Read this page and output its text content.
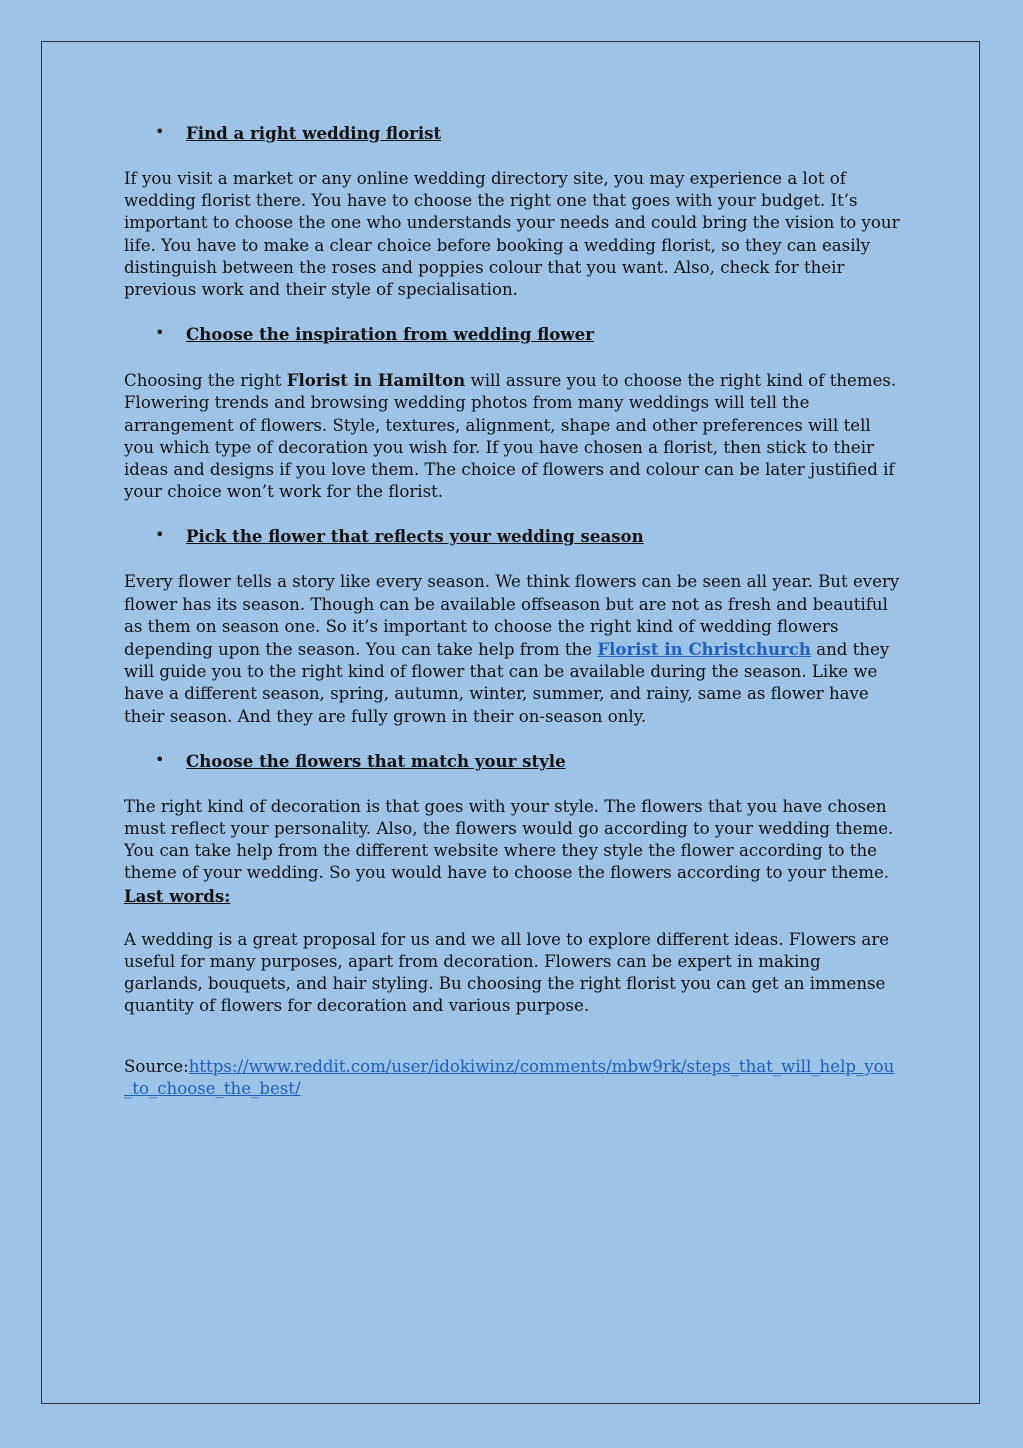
• Find a right wedding florist

If you visit a market or any online wedding directory site, you may experience a lot of wedding florist there. You have to choose the right one that goes with your budget. It’s important to choose the one who understands your needs and could bring the vision to your life. You have to make a clear choice before booking a wedding florist, so they can easily distinguish between the roses and poppies colour that you want. Also, check for their previous work and their style of specialisation.

• Choose the inspiration from wedding flower

Choosing the right Florist in Hamilton will assure you to choose the right kind of themes. Flowering trends and browsing wedding photos from many weddings will tell the arrangement of flowers. Style, textures, alignment, shape and other preferences will tell you which type of decoration you wish for. If you have chosen a florist, then stick to their ideas and designs if you love them. The choice of flowers and colour can be later justified if your choice won’t work for the florist.

• Pick the flower that reflects your wedding season

Every flower tells a story like every season. We think flowers can be seen all year. But every flower has its season. Though can be available offseason but are not as fresh and beautiful as them on season one. So it’s important to choose the right kind of wedding flowers depending upon the season. You can take help from the Florist in Christchurch and they will guide you to the right kind of flower that can be available during the season. Like we have a different season, spring, autumn, winter, summer, and rainy, same as flower have their season. And they are fully grown in their on-season only.

• Choose the flowers that match your style

The right kind of decoration is that goes with your style. The flowers that you have chosen must reflect your personality. Also, the flowers would go according to your wedding theme. You can take help from the different website where they style the flower according to the theme of your wedding. So you would have to choose the flowers according to your theme.

Last words:

A wedding is a great proposal for us and we all love to explore different ideas. Flowers are useful for many purposes, apart from decoration. Flowers can be expert in making garlands, bouquets, and hair styling. Bu choosing the right florist you can get an immense quantity of flowers for decoration and various purpose.

Source:https://www.reddit.com/user/idokiwinz/comments/mbw9rk/steps_that_will_help_you_to_choose_the_best/
